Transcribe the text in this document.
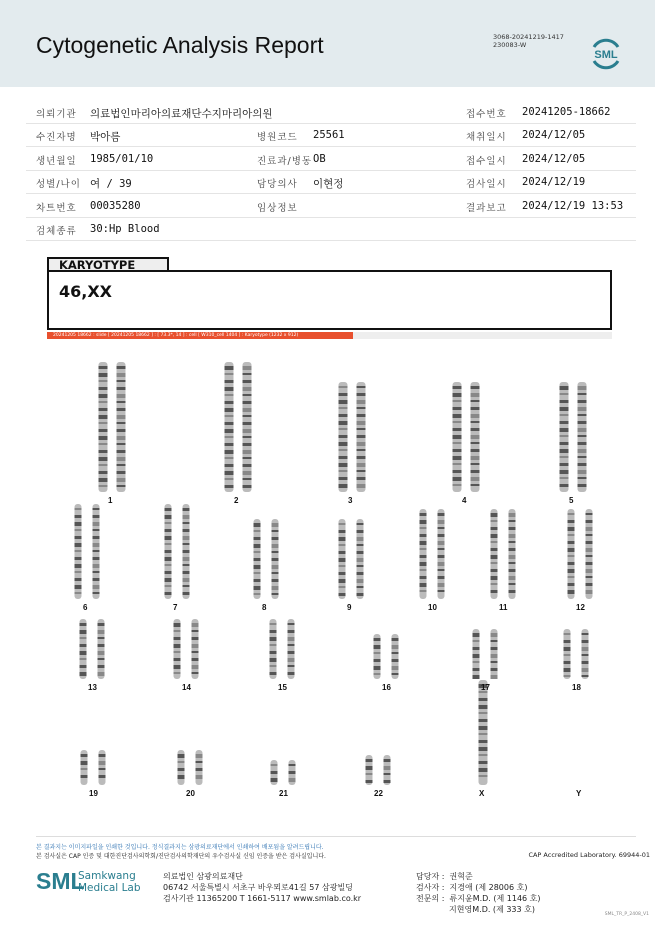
Cytogenetic Analysis Report	3068-20241219-1417
230083-W
SML
의뢰기관 의료법인마리아의료재단수지마리아의원	접수번호 20241205-18662
수진자명 박아름	병원코드 25561	채취일시 2024/12/05
생년월일 1985/01/10	진료과/병동 OB	접수일시 2024/12/05
성별/나이 여 / 39	담당의사 이현정	검사일시 2024/12/19
차트번호 00035280	임상정보	결과보고 2024/12/19 13:53
검체종류 30:Hp Blood
KARYOTYPE
46,XX
20241205 18662 : slide [ 20241205 18662 ] : [ 73.3*, 14 ] : cell [ W310_cell 1404 ] : Karyotype (1232 x 912)
1	2	3	4	5
6	7	8	9	10	11	12
13	14	15	16	17	18
19	20	21	22	X	Y
본 결과지는 이미지파일을 인쇄한 것입니다. 정식결과지는 삼광의료재단에서 인쇄하여 배포됨을 알려드립니다.
본 검사실은 CAP 인증 및 대한진단검사의학회/진단검사의학재단의 우수검사실 신임 인증을 받은 검사실입니다.	CAP Accredited Laboratory. 69944-01
SML
Samkwang
Medical Lab
의료법인 삼광의료재단
06742 서울특별시 서초구 바우뫼로41길 57 삼광빌딩
검사기관 11365200 T 1661-5117 www.smlab.co.kr
담당자 :  권혁준
검사자 :  지경애 (제 28006 호)
전문의 :  류지윤M.D. (제 1146 호)
지현영M.D. (제 333 호)
SML_TR_P_2408_V1
